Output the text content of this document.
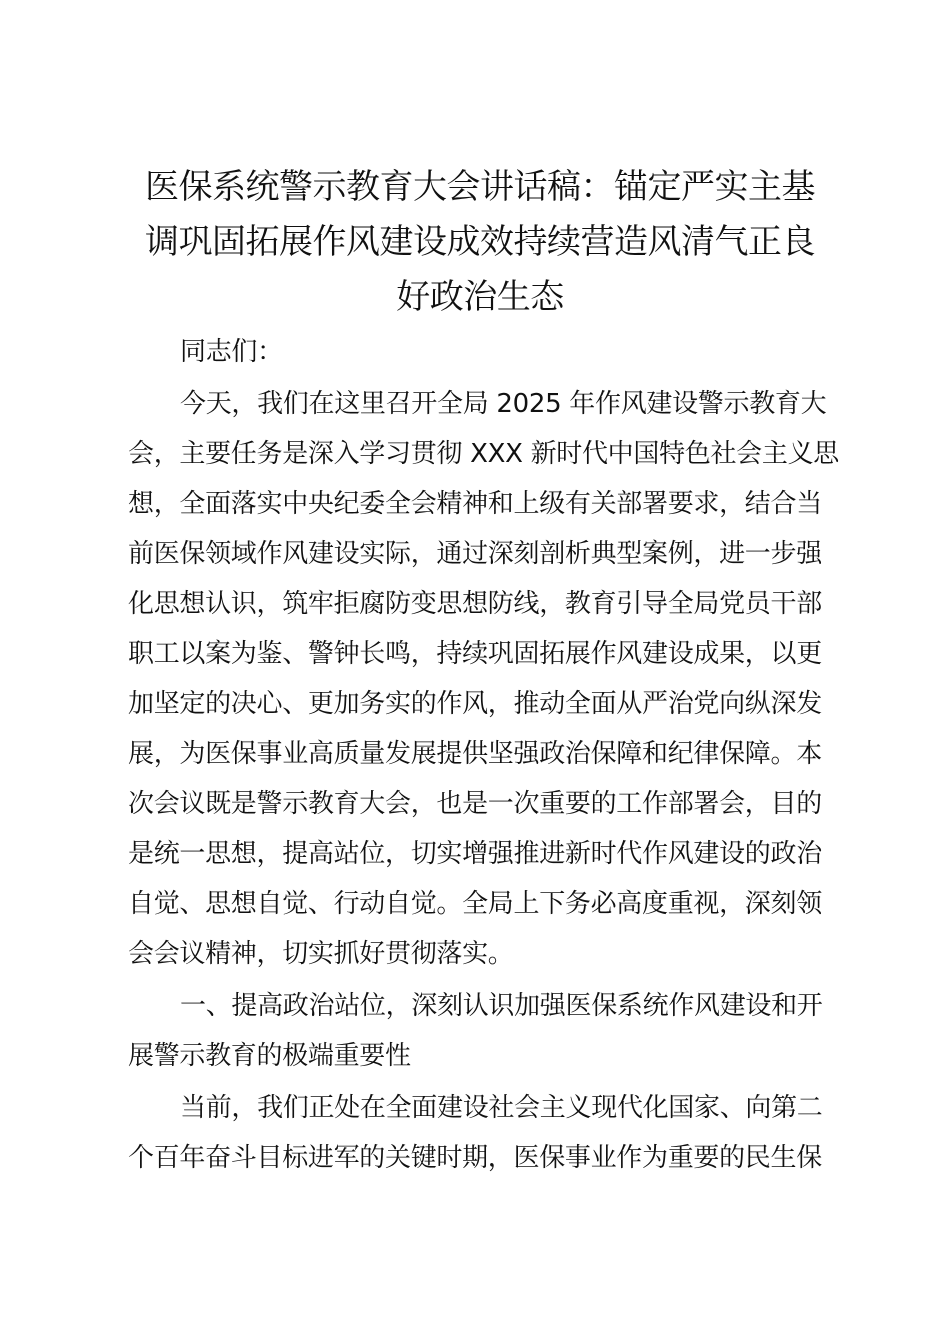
医保系统警示教育大会讲话稿：锚定严实主基
调巩固拓展作风建设成效持续营造风清气正良
好政治生态

同志们：

今天，我们在这里召开全局 2025 年作风建设警示教育大
会，主要任务是深入学习贯彻 XXX 新时代中国特色社会主义思
想，全面落实中央纪委全会精神和上级有关部署要求，结合当
前医保领域作风建设实际，通过深刻剖析典型案例，进一步强
化思想认识，筑牢拒腐防变思想防线，教育引导全局党员干部
职工以案为鉴、警钟长鸣，持续巩固拓展作风建设成果，以更
加坚定的决心、更加务实的作风，推动全面从严治党向纵深发
展，为医保事业高质量发展提供坚强政治保障和纪律保障。本
次会议既是警示教育大会，也是一次重要的工作部署会，目的
是统一思想，提高站位，切实增强推进新时代作风建设的政治
自觉、思想自觉、行动自觉。全局上下务必高度重视，深刻领
会会议精神，切实抓好贯彻落实。

一、提高政治站位，深刻认识加强医保系统作风建设和开
展警示教育的极端重要性

当前，我们正处在全面建设社会主义现代化国家、向第二
个百年奋斗目标进军的关键时期，医保事业作为重要的民生保
